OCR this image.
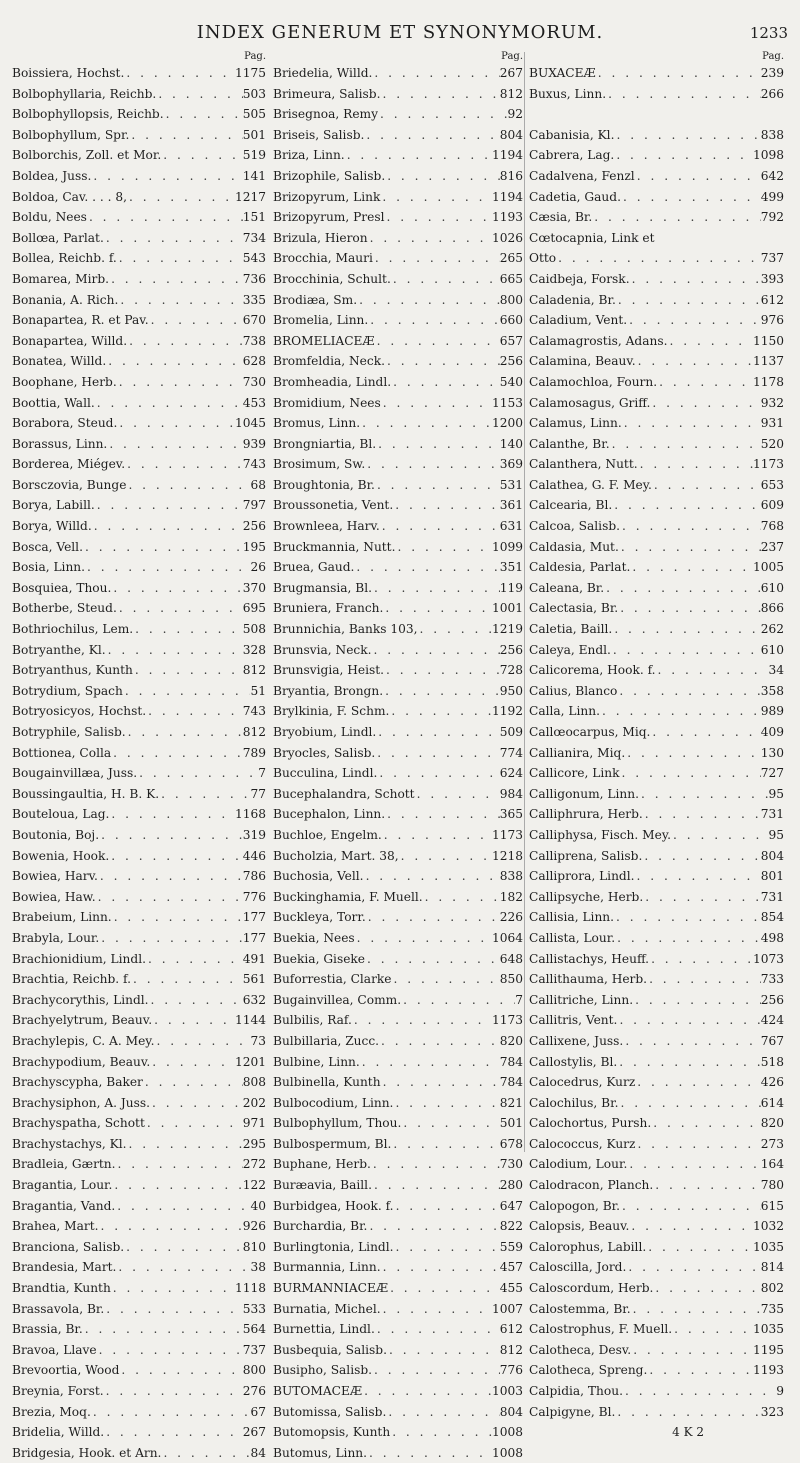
INDEX GENERUM ET SYNONYMORUM.	1233
Pag.
Boissiera, Hochst. . . .	1175
Bolbophyllaria, Reichb. . . .	503
Bolbophyllopsis, Reichb. . . .	505
Bolbophyllum, Spr. . . .	501
Bolborchis, Zoll. et Mor. . . .	519
Boldea, Juss. . . .	141
Boldoa, Cav. . . . 8, . . .	1217
Boldu, Nees . . .	151
Bollœa, Parlat. . . .	734
Bollea, Reichb. f. . . .	543
Bomarea, Mirb. . . .	736
Bonania, A. Rich. . . .	335
Bonapartea, R. et Pav. . . .	670
Bonapartea, Willd. . . .	738
Bonatea, Willd. . . .	628
Boophane, Herb. . . .	730
Boottia, Wall. . . .	453
Borabora, Steud. . . .	1045
Borassus, Linn. . . .	939
Borderea, Miégev. . . .	743
Borsczovia, Bunge . . .	68
Borya, Labill. . . .	797
Borya, Willd. . . .	256
Bosca, Vell. . . .	195
Bosia, Linn. . . .	26
Bosquiea, Thou. . . .	370
Botherbe, Steud. . . .	695
Bothriochilus, Lem. . . .	508
Botryanthe, Kl. . . .	328
Botryanthus, Kunth . . .	812
Botrydium, Spach . . .	51
Botryosicyos, Hochst. . . .	743
Botryphile, Salisb. . . .	812
Bottionea, Colla . . .	789
Bougainvillæa, Juss. . . .	7
Boussingaultia, H. B. K. . . .	77
Bouteloua, Lag. . . .	1168
Boutonia, Boj. . . .	319
Bowenia, Hook. . . .	446
Bowiea, Harv. . . .	786
Bowiea, Haw. . . .	776
Brabeium, Linn. . . .	177
Brabyla, Lour. . . .	177
Brachionidium, Lindl. . . .	491
Brachtia, Reichb. f. . . .	561
Brachycorythis, Lindl. . . .	632
Brachyelytrum, Beauv. . . .	1144
Brachylepis, C. A. Mey. . . .	73
Brachypodium, Beauv. . . .	1201
Brachyscypha, Baker . . .	808
Brachysiphon, A. Juss. . . .	202
Brachyspatha, Schott . . .	971
Brachystachys, Kl. . . .	295
Bradleia, Gærtn. . . .	272
Bragantia, Lour. . . .	122
Bragantia, Vand. . . .	40
Brahea, Mart. . . .	926
Branciona, Salisb. . . .	810
Brandesia, Mart. . . .	38
Brandtia, Kunth . . .	1118
Brassavola, Br. . . .	533
Brassia, Br. . . .	564
Bravoa, Llave . . .	737
Brevoortia, Wood . . .	800
Breynia, Forst. . . .	276
Brezia, Moq. . . .	67
Bridelia, Willd. . . .	267
Bridgesia, Hook. et Arn. . . .	84
Pag.
Briedelia, Willd. . . .	267
Brimeura, Salisb. . . .	812
Brisegnoa, Remy . . .	92
Briseis, Salisb. . . .	804
Briza, Linn. . . .	1194
Brizophile, Salisb. . . .	816
Brizopyrum, Link . . .	1194
Brizopyrum, Presl . . .	1193
Brizula, Hieron . . .	1026
Brocchia, Mauri . . .	265
Brocchinia, Schult. . . .	665
Brodiæa, Sm. . . .	800
Bromelia, Linn. . . .	660
BROMELIACEÆ . . .	657
Bromfeldia, Neck. . . .	256
Bromheadia, Lindl. . . .	540
Bromidium, Nees . . .	1153
Bromus, Linn. . . .	1200
Brongniartia, Bl. . . .	140
Brosimum, Sw. . . .	369
Broughtonia, Br. . . .	531
Broussonetia, Vent. . . .	361
Brownleea, Harv. . . .	631
Bruckmannia, Nutt. . . .	1099
Bruea, Gaud. . . .	351
Brugmansia, Bl. . . .	119
Bruniera, Franch. . . .	1001
Brunnichia, Banks 103, . . .	1219
Brunsvia, Neck. . . .	256
Brunsvigia, Heist. . . .	728
Bryantia, Brongn. . . .	950
Brylkinia, F. Schm. . . .	1192
Bryobium, Lindl. . . .	509
Bryocles, Salisb. . . .	774
Bucculina, Lindl. . . .	624
Bucephalandra, Schott . . .	984
Bucephalon, Linn. . . .	365
Buchloe, Engelm. . . .	1173
Bucholzia, Mart. 38, . . .	1218
Buchosia, Vell. . . .	838
Buckinghamia, F. Muell. . . .	182
Buckleya, Torr. . . .	226
Buekia, Nees . . .	1064
Buekia, Giseke . . .	648
Buforrestia, Clarke . . .	850
Bugainvillea, Comm. . . .	7
Bulbilis, Raf. . . .	1173
Bulbillaria, Zucc. . . .	820
Bulbine, Linn. . . .	784
Bulbinella, Kunth . . .	784
Bulbocodium, Linn. . . .	821
Bulbophyllum, Thou. . . .	501
Bulbospermum, Bl. . . .	678
Buphane, Herb. . . .	730
Buræavia, Baill. . . .	280
Burbidgea, Hook. f. . . .	647
Burchardia, Br. . . .	822
Burlingtonia, Lindl. . . .	559
Burmannia, Linn. . . .	457
BURMANNIACEÆ . . .	455
Burnatia, Michel. . . .	1007
Burnettia, Lindl. . . .	612
Busbequia, Salisb. . . .	812
Busipho, Salisb. . . .	776
BUTOMACEÆ . . .	1003
Butomissa, Salisb. . . .	804
Butomopsis, Kunth . . .	1008
Butomus, Linn. . . .	1008
Pag.
BUXACEÆ . . .	239
Buxus, Linn. . . .	266
Cabanisia, Kl. . . .	838
Cabrera, Lag. . . .	1098
Cadalvena, Fenzl . . .	642
Cadetia, Gaud. . . .	499
Cæsia, Br. . . .	792
Cœtocapnia, Link et
Otto . . .	737
Caidbeja, Forsk. . . .	393
Caladenia, Br. . . .	612
Caladium, Vent. . . .	976
Calamagrostis, Adans. . . .	1150
Calamina, Beauv. . . .	1137
Calamochloa, Fourn. . . .	1178
Calamosagus, Griff. . . .	932
Calamus, Linn. . . .	931
Calanthe, Br. . . .	520
Calanthera, Nutt. . . .	1173
Calathea, G. F. Mey. . . .	653
Calcearia, Bl. . . .	609
Calcoa, Salisb. . . .	768
Caldasia, Mut. . . .	237
Caldesia, Parlat. . . .	1005
Caleana, Br. . . .	610
Calectasia, Br. . . .	866
Caletia, Baill. . . .	262
Caleya, Endl. . . .	610
Calicorema, Hook. f. . . .	34
Calius, Blanco . . .	358
Calla, Linn. . . .	989
Callœocarpus, Miq. . . .	409
Callianira, Miq. . . .	130
Callicore, Link . . .	727
Calligonum, Linn. . . .	95
Calliphrura, Herb. . . .	731
Calliphysa, Fisch. Mey. . . .	95
Calliprena, Salisb. . . .	804
Calliprora, Lindl. . . .	801
Callipsyche, Herb. . . .	731
Callisia, Linn. . . .	854
Callista, Lour. . . .	498
Callistachys, Heuff. . . .	1073
Callithauma, Herb. . . .	733
Callitriche, Linn. . . .	256
Callitris, Vent. . . .	424
Callixene, Juss. . . .	767
Callostylis, Bl. . . .	518
Calocedrus, Kurz . . .	426
Calochilus, Br. . . .	614
Calochortus, Pursh. . . .	820
Calococcus, Kurz . . .	273
Calodium, Lour. . . .	164
Calodracon, Planch. . . .	780
Calopogon, Br. . . .	615
Calopsis, Beauv. . . .	1032
Calorophus, Labill. . . .	1035
Caloscilla, Jord. . . .	814
Caloscordum, Herb. . . .	802
Calostemma, Br. . . .	735
Calostrophus, F. Muell. . . .	1035
Calotheca, Desv. . . .	1195
Calotheca, Spreng. . . .	1193
Calpidia, Thou. . . .	9
Calpigyne, Bl. . . .	323
4 K 2
